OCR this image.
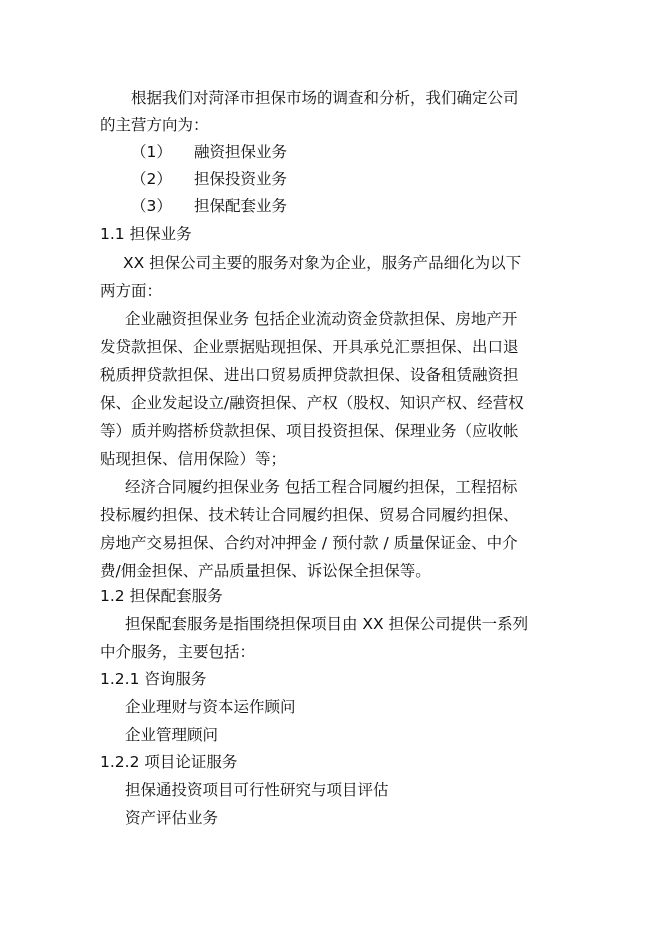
根据我们对菏泽市担保市场的调查和分析，我们确定公司
的主营方向为：
（1） 融资担保业务
（2） 担保投资业务
（3） 担保配套业务
1.1 担保业务
XX 担保公司主要的服务对象为企业，服务产品细化为以下
两方面：
企业融资担保业务 包括企业流动资金贷款担保、房地产开
发贷款担保、企业票据贴现担保、开具承兑汇票担保、出口退
税质押贷款担保、进出口贸易质押贷款担保、设备租赁融资担
保、企业发起设立/融资担保、产权（股权、知识产权、经营权
等）质并购搭桥贷款担保、项目投资担保、保理业务（应收帐
贴现担保、信用保险）等；
经济合同履约担保业务 包括工程合同履约担保，工程招标
投标履约担保、技术转让合同履约担保、贸易合同履约担保、
房地产交易担保、合约对冲押金 / 预付款 / 质量保证金、中介
费/佣金担保、产品质量担保、诉讼保全担保等。
1.2 担保配套服务
担保配套服务是指围绕担保项目由 XX 担保公司提供一系列
中介服务，主要包括：
1.2.1 咨询服务
企业理财与资本运作顾问
企业管理顾问
1.2.2 项目论证服务
担保通投资项目可行性研究与项目评估
资产评估业务
